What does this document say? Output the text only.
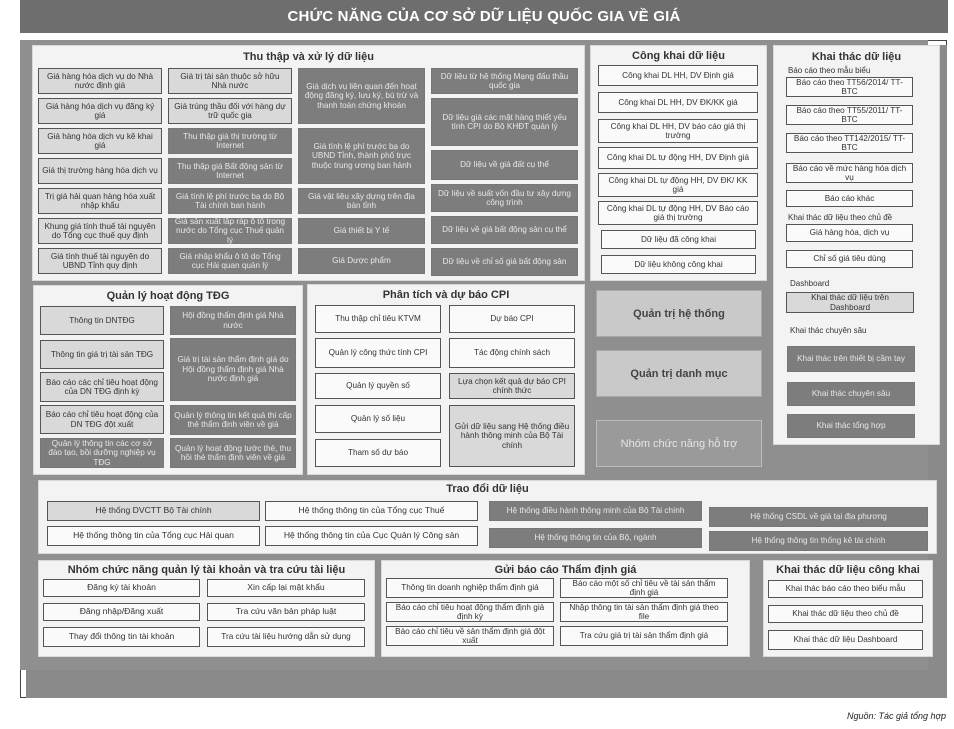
CHỨC NĂNG CỦA CƠ SỞ DỮ LIỆU QUỐC GIA VỀ GIÁ
Thu thập và xử lý dữ liệu
Giá hàng hóa dịch vụ do Nhà nước định giá
Giá hàng hóa dịch vụ đăng ký giá
Giá hàng hóa dịch vụ kê khai giá
Giá thị trường hàng hóa dịch vụ
Trị giá hải quan hàng hóa xuất nhập khẩu
Khung giá tính thuế tài nguyên do Tổng cục thuế quy định
Giá tính thuế tài nguyên do UBND Tỉnh quy định
Giá trị tài sản thuộc sở hữu Nhà nước
Giá trúng thầu đối với hàng dự trữ quốc gia
Thu thập giá thị trường từ Internet
Thu thập giá Bất động sản từ Internet
Giá tính lệ phí trước bạ do Bộ Tài chính ban hành
Giá sản xuất lắp ráp ô tô trong nước do Tổng cục Thuế quản lý
Giá nhập khẩu ô tô do Tổng cục Hải quan quản lý
Giá dịch vụ liên quan đến hoạt động đăng ký, lưu ký, bù trừ và thanh toán chứng khoán
Giá tính lệ phí trước bạ do UBND Tỉnh, thành phố trực thuộc trung ương ban hành
Giá vật liệu xây dựng trên địa bàn tỉnh
Giá thiết bị Y tế
Giá Dược phẩm
Dữ liệu từ hệ thống Mạng đấu thầu quốc gia
Dữ liệu giá các mặt hàng thiết yếu tính CPI do Bộ KHĐT quản lý
Dữ liệu về giá đất cụ thể
Dữ liệu về suất vốn đầu tư xây dựng công trình
Dữ liệu về giá bất động sản cụ thể
Dữ liệu về chỉ số giá bất động sản
Công khai dữ liệu
Công khai DL HH, DV Định giá
Công khai DL HH, DV ĐK/KK giá
Công khai DL HH, DV báo cáo giá thị trường
Công khai DL tự động HH, DV Định giá
Công khai DL tự động HH, DV ĐK/ KK giá
Công khai DL tự động HH, DV Báo cáo giá thị trường
Dữ liệu đã công khai
Dữ liệu không công khai
Khai thác dữ liệu
Báo cáo theo mẫu biểu
Báo cáo theo TT56/2014/ TT-BTC
Báo cáo theo TT55/2011/ TT-BTC
Báo cáo theo TT142/2015/ TT-BTC
Báo cáo về mức hàng hóa dịch vụ
Báo cáo khác
Khai thác dữ liệu theo chủ đề
Giá hàng hóa, dịch vụ
Chỉ số giá tiêu dùng
Dashboard
Khai thác dữ liệu trên Dashboard
Khai thác chuyên sâu
Khai thác trên thiết bị cầm tay
Khai thác chuyên sâu
Khai thác tổng hợp
Quản lý hoạt động TĐG
Thông tin DNTĐG
Thông tin giá trị tài sản TĐG
Báo cáo các chỉ tiêu hoạt động của DN TĐG định kỳ
Báo cáo chỉ tiêu hoạt động của DN TĐG đột xuất
Quản lý thông tin các cơ sở đào tạo, bồi dưỡng nghiệp vụ TĐG
Hội đồng thẩm định giá Nhà nước
Giá trị tài sản thẩm định giá do Hội đồng thẩm định giá Nhà nước định giá
Quản lý thông tin kết quả thi cấp thẻ thẩm định viên về giá
Quản lý hoạt động tước thẻ, thu hồi thẻ thẩm định viên về giá
Phân tích và dự báo CPI
Thu thập chỉ tiêu KTVM
Quản lý công thức tính CPI
Quản lý quyền số
Quản lý số liệu
Tham số dự báo
Dự báo CPI
Tác động chính sách
Lựa chọn kết quả dự báo CPI chính thức
Gửi dữ liệu sang Hệ thống điều hành thông minh của Bộ Tài chính
Quản trị hệ thống
Quản trị danh mục
Nhóm chức năng hỗ trợ
Trao đổi dữ liệu
Hệ thống DVCTT Bộ Tài chính	Hệ thống thông tin của Tổng cục Thuế	Hệ thống điều hành thông minh của Bộ Tài chính
Hệ thống CSDL về giá tại địa phương
Hệ thống thông tin của Tổng cục Hải quan	Hệ thống thông tin của Cục Quản lý Công sản	Hệ thống thông tin của Bộ, ngành	Hệ thống thông tin thống kê tài chính
Nhóm chức năng quản lý tài khoản và tra cứu tài liệu
Đăng ký tài khoản	Xin cấp lại mật khẩu
Đăng nhập/Đăng xuất	Tra cứu văn bản pháp luật
Thay đổi thông tin tài khoản	Tra cứu tài liệu hướng dẫn sử dụng
Gửi báo cáo Thẩm định giá
Thông tin doanh nghiệp thẩm định giá
Báo cáo một số chỉ tiêu về tài sản thẩm định giá
Báo cáo chỉ tiêu hoạt động thẩm định giá định kỳ
Nhập thông tin tài sản thẩm định giá theo file
Báo cáo chỉ tiêu về sản thẩm định giá đột xuất
Tra cứu giá trị tài sản thẩm định giá
Khai thác dữ liệu công khai
Khai thác báo cáo theo biểu mẫu
Khai thác dữ liệu theo chủ đề
Khai thác dữ liệu Dashboard
Nguồn: Tác giả tổng hợp
